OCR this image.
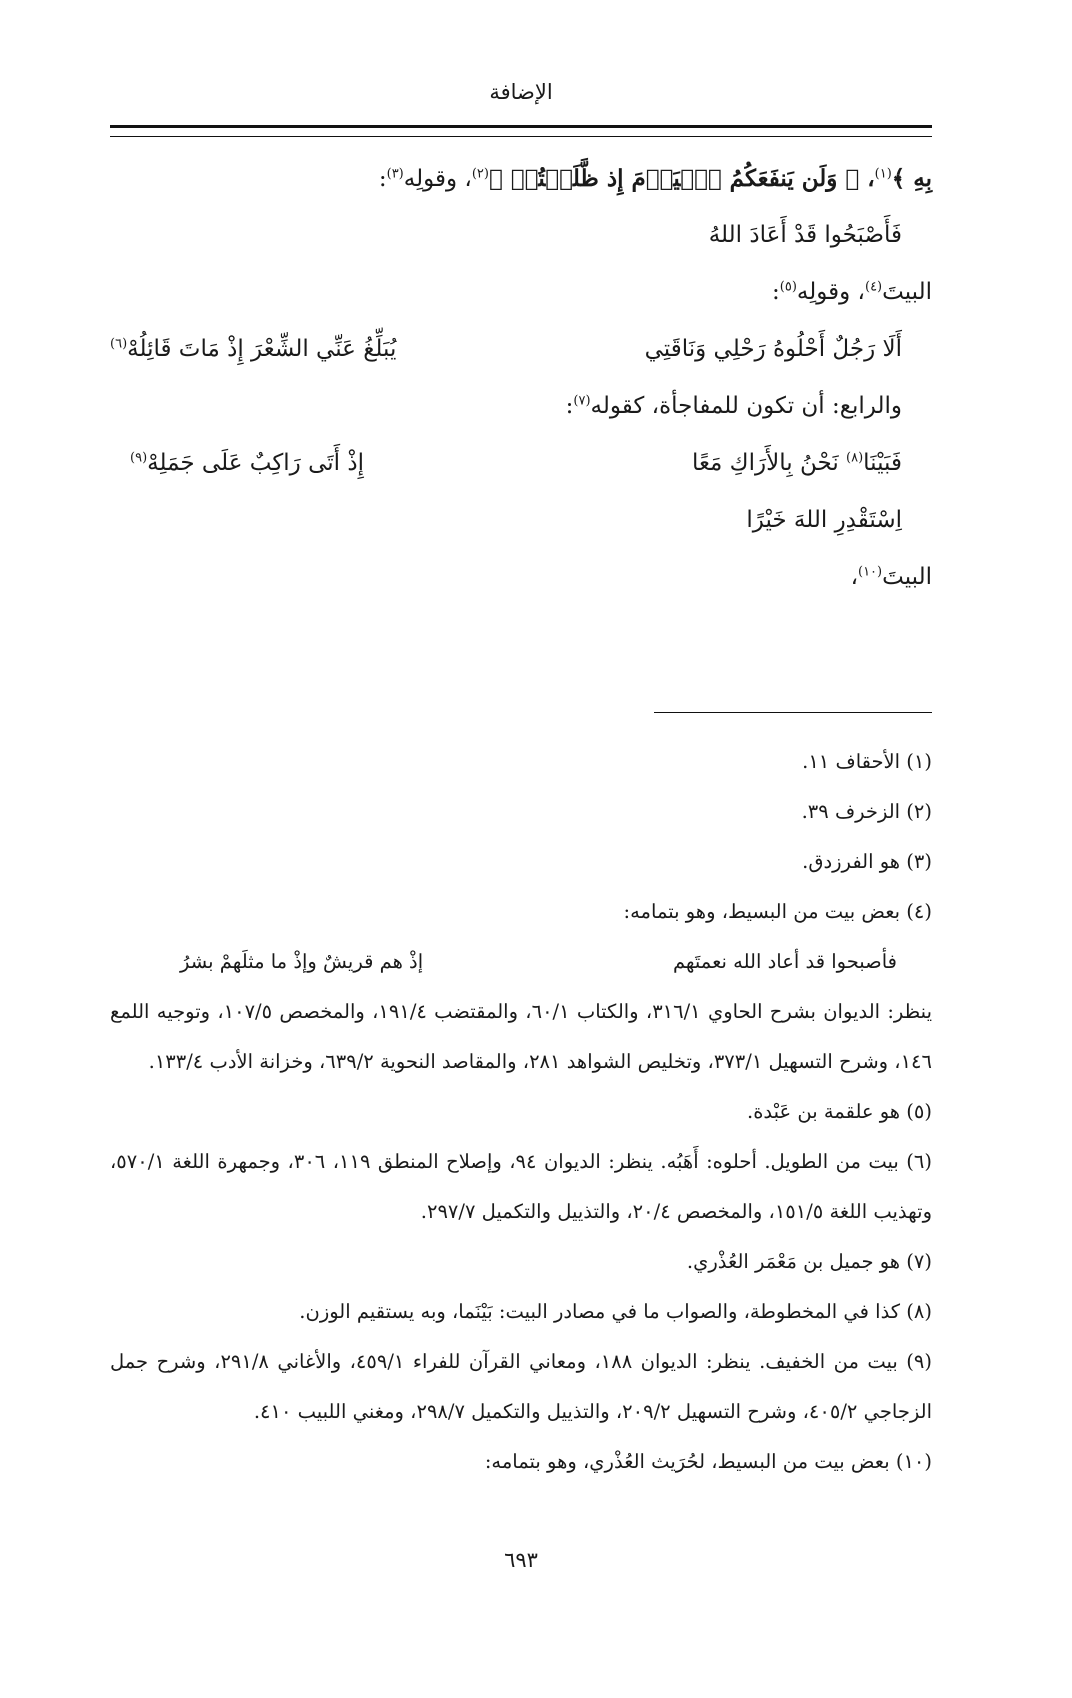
الإضافة
بِهِ ﴾$^{(١)}$، ﴿ وَلَن يَنفَعَكُمُ ٱلۡيَوۡمَ إِذ ظَّلَمۡتُمۡ ﴾$^{(٢)}$، وقولِه$^{(٣)}$:
فَأَصْبَحُوا قَدْ أَعَادَ اللهُ
البيتَ$^{(٤)}$، وقولِه$^{(٥)}$:
أَلَا رَجُلٌ أَحْلُوهُ رَحْلِي وَنَاقَتِي
يُبَلِّغُ عَنِّي الشِّعْرَ إِذْ مَاتَ قَائِلُهْ$^{(٦)}$
والرابع: أن تكون للمفاجأة، كقوله$^{(٧)}$:
فَبَيْنَا$^{(٨)}$ نَحْنُ بِالأَرَاكِ مَعًا
إِذْ أَتَى رَاكِبٌ عَلَى جَمَلِهْ$^{(٩)}$
اِسْتَقْدِرِ اللهَ خَيْرًا
البيتَ$^{(١٠)}$،
(١) الأحقاف ١١.
(٢) الزخرف ٣٩.
(٣) هو الفرزدق.
(٤) بعض بيت من البسيط، وهو بتمامه:
فأصبحوا قد أعاد الله نعمتَهم
إذْ هم قريشٌ وإذْ ما مثلَهمْ بشرُ
ينظر: الديوان بشرح الحاوي ٣١٦/١، والكتاب ٦٠/١، والمقتضب ١٩١/٤، والمخصص ١٠٧/٥، وتوجيه اللمع ١٤٦، وشرح التسهيل ٣٧٣/١، وتخليص الشواهد ٢٨١، والمقاصد النحوية ٦٣٩/٢، وخزانة الأدب ١٣٣/٤.
(٥) هو علقمة بن عَبْدة.
(٦) بيت من الطويل. أحلوه: أَهَبُه. ينظر: الديوان ٩٤، وإصلاح المنطق ١١٩، ٣٠٦، وجمهرة اللغة ٥٧٠/١، وتهذيب اللغة ١٥١/٥، والمخصص ٢٠/٤، والتذييل والتكميل ٢٩٧/٧.
(٧) هو جميل بن مَعْمَر العُذْري.
(٨) كذا في المخطوطة، والصواب ما في مصادر البيت: بَيْنَما، وبه يستقيم الوزن.
(٩) بيت من الخفيف. ينظر: الديوان ١٨٨، ومعاني القرآن للفراء ٤٥٩/١، والأغاني ٢٩١/٨، وشرح جمل الزجاجي ٤٠٥/٢، وشرح التسهيل ٢٠٩/٢، والتذييل والتكميل ٢٩٨/٧، ومغني اللبيب ٤١٠.
(١٠) بعض بيت من البسيط، لحُرَيث العُذْري، وهو بتمامه:
٦٩٣
